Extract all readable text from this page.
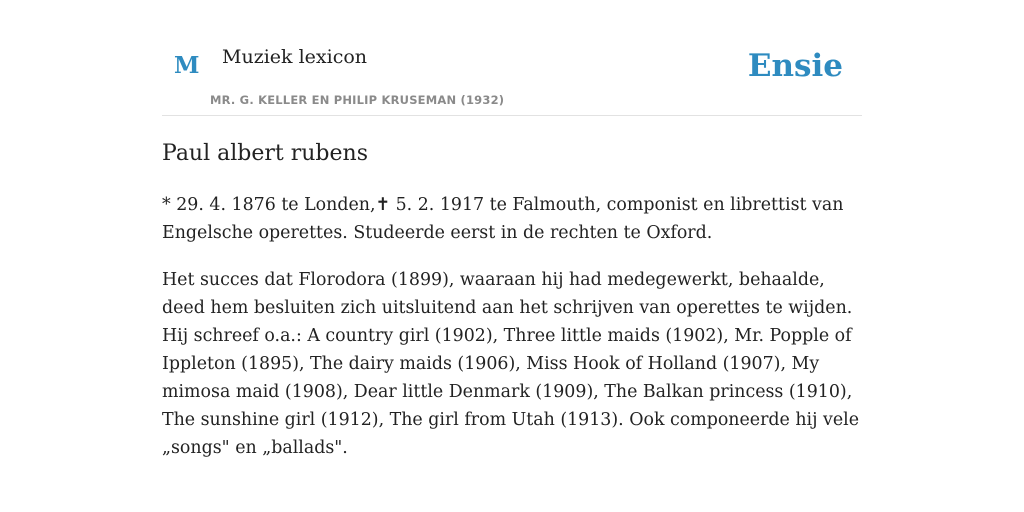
M Muziek lexicon
MR. G. KELLER EN PHILIP KRUSEMAN (1932)
Ensie
Paul albert rubens

* 29. 4. 1876 te Londen,✝ 5. 2. 1917 te Falmouth, componist en librettist van Engelsche operettes. Studeerde eerst in de rechten te Oxford.

Het succes dat Florodora (1899), waaraan hij had medegewerkt, behaalde, deed hem besluiten zich uitsluitend aan het schrijven van operettes te wijden. Hij schreef o.a.: A country girl (1902), Three little maids (1902), Mr. Popple of Ippleton (1895), The dairy maids (1906), Miss Hook of Holland (1907), My mimosa maid (1908), Dear little Denmark (1909), The Balkan princess (1910), The sunshine girl (1912), The girl from Utah (1913). Ook componeerde hij vele „songs" en „ballads".
